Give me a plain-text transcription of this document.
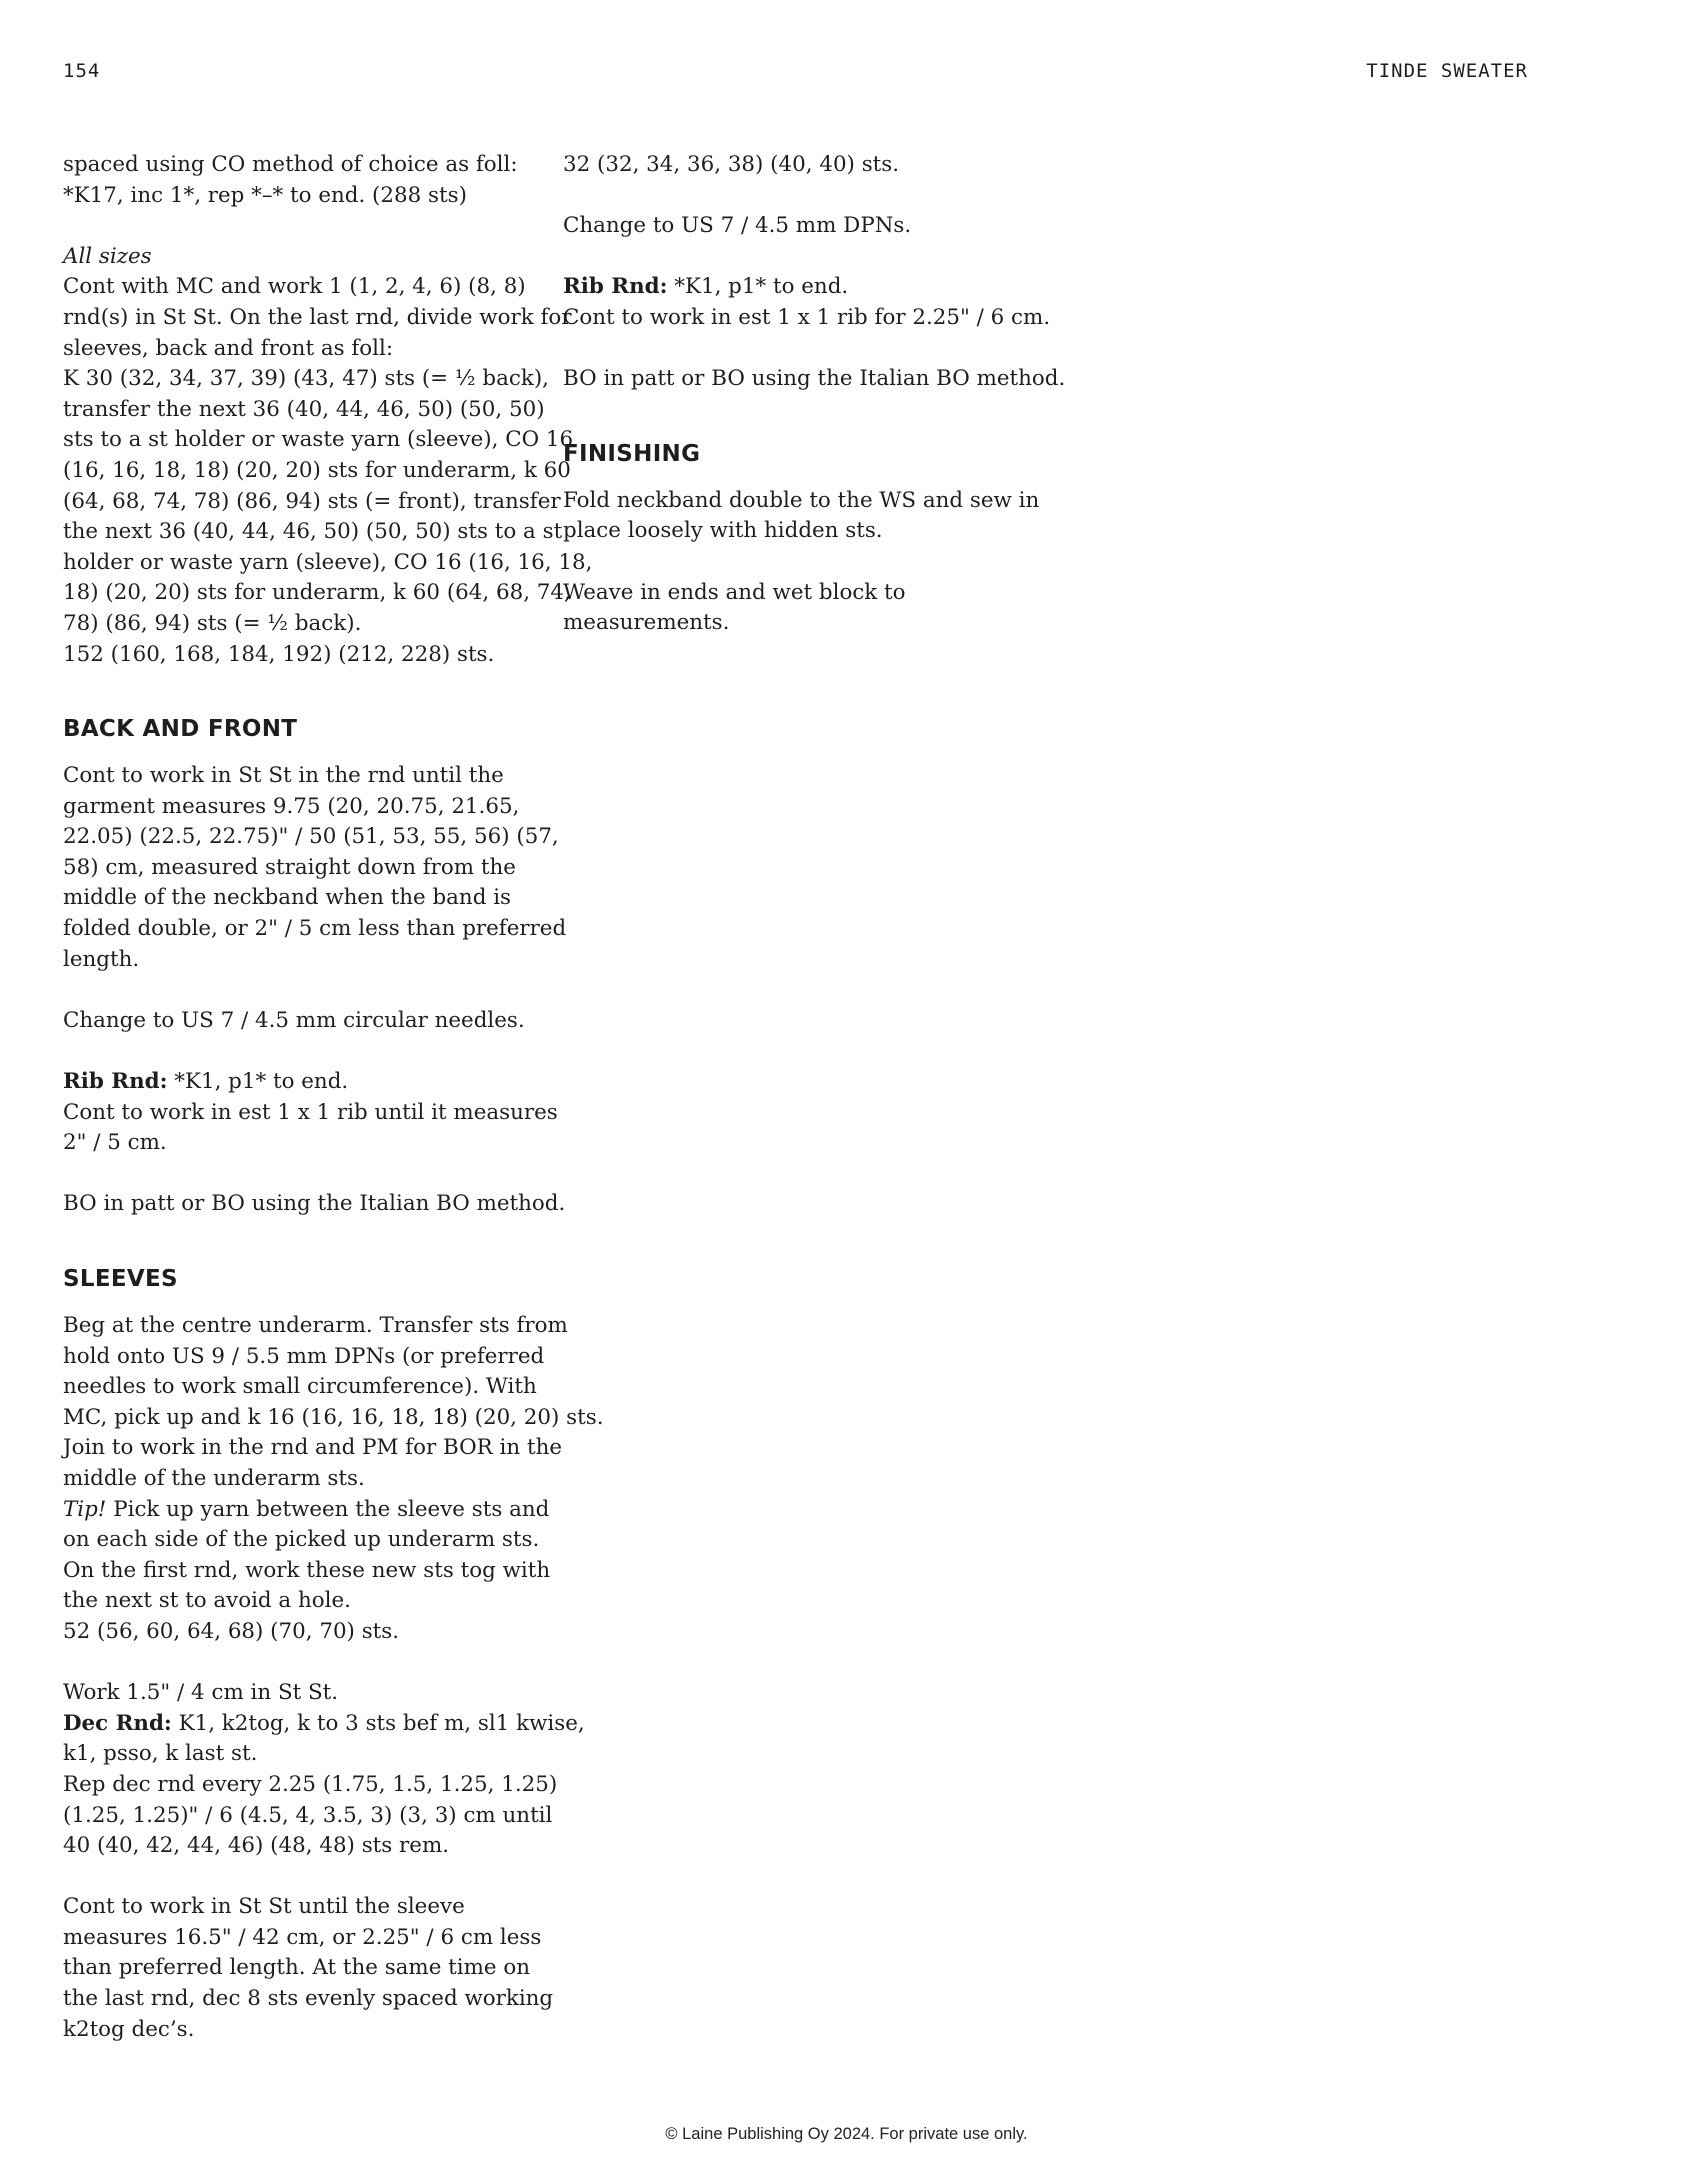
154	TINDE SWEATER

spaced using CO method of choice as foll:
*K17, inc 1*, rep *–* to end. (288 sts)

All sizes
Cont with MC and work 1 (1, 2, 4, 6) (8, 8)
rnd(s) in St St. On the last rnd, divide work for
sleeves, back and front as foll:
K 30 (32, 34, 37, 39) (43, 47) sts (= ½ back),
transfer the next 36 (40, 44, 46, 50) (50, 50)
sts to a st holder or waste yarn (sleeve), CO 16
(16, 16, 18, 18) (20, 20) sts for underarm, k 60
(64, 68, 74, 78) (86, 94) sts (= front), transfer
the next 36 (40, 44, 46, 50) (50, 50) sts to a st
holder or waste yarn (sleeve), CO 16 (16, 16, 18,
18) (20, 20) sts for underarm, k 60 (64, 68, 74,
78) (86, 94) sts (= ½ back).
152 (160, 168, 184, 192) (212, 228) sts.

BACK AND FRONT

Cont to work in St St in the rnd until the
garment measures 9.75 (20, 20.75, 21.65,
22.05) (22.5, 22.75)" / 50 (51, 53, 55, 56) (57,
58) cm, measured straight down from the
middle of the neckband when the band is
folded double, or 2" / 5 cm less than preferred
length.

Change to US 7 / 4.5 mm circular needles.

Rib Rnd: *K1, p1* to end.
Cont to work in est 1 x 1 rib until it measures
2" / 5 cm.

BO in patt or BO using the Italian BO method.

SLEEVES

Beg at the centre underarm. Transfer sts from
hold onto US 9 / 5.5 mm DPNs (or preferred
needles to work small circumference). With
MC, pick up and k 16 (16, 16, 18, 18) (20, 20) sts.
Join to work in the rnd and PM for BOR in the
middle of the underarm sts.
Tip! Pick up yarn between the sleeve sts and
on each side of the picked up underarm sts.
On the first rnd, work these new sts tog with
the next st to avoid a hole.
52 (56, 60, 64, 68) (70, 70) sts.

Work 1.5" / 4 cm in St St.
Dec Rnd: K1, k2tog, k to 3 sts bef m, sl1 kwise,
k1, psso, k last st.
Rep dec rnd every 2.25 (1.75, 1.5, 1.25, 1.25)
(1.25, 1.25)" / 6 (4.5, 4, 3.5, 3) (3, 3) cm until
40 (40, 42, 44, 46) (48, 48) sts rem.

Cont to work in St St until the sleeve
measures 16.5" / 42 cm, or 2.25" / 6 cm less
than preferred length. At the same time on
the last rnd, dec 8 sts evenly spaced working
k2tog dec’s.

32 (32, 34, 36, 38) (40, 40) sts.

Change to US 7 / 4.5 mm DPNs.

Rib Rnd: *K1, p1* to end.
Cont to work in est 1 x 1 rib for 2.25" / 6 cm.

BO in patt or BO using the Italian BO method.

FINISHING

Fold neckband double to the WS and sew in
place loosely with hidden sts.

Weave in ends and wet block to
measurements.

© Laine Publishing Oy 2024. For private use only.
